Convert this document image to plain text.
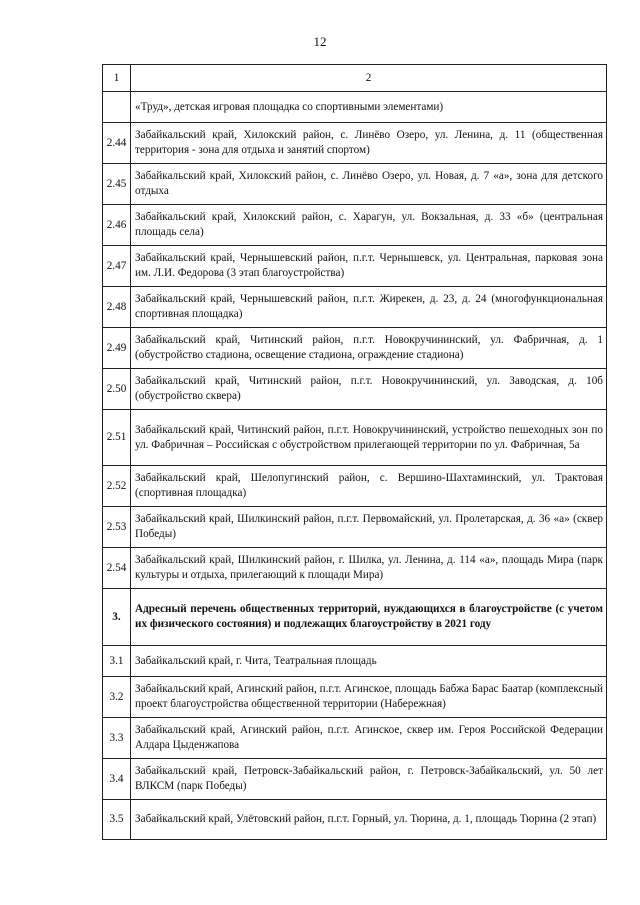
12
1	2
	«Труд», детская игровая площадка со спортивными элементами)
2.44	Забайкальский край, Хилокский район, с. Линёво Озеро, ул. Ленина, д. 11 (общественная территория - зона для отдыха и занятий спортом)
2.45	Забайкальский край, Хилокский район, с. Линёво Озеро, ул. Новая, д. 7 «а», зона для детского отдыха
2.46	Забайкальский край, Хилокский район, с. Харагун, ул. Вокзальная, д. 33 «б» (центральная площадь села)
2.47	Забайкальский край, Чернышевский район, п.г.т. Чернышевск, ул. Центральная, парковая зона им. Л.И. Федорова (3 этап благоустройства)
2.48	Забайкальский край, Чернышевский район, п.г.т. Жирекен, д. 23, д. 24 (многофункциональная спортивная площадка)
2.49	Забайкальский край, Читинский район, п.г.т. Новокручининский, ул. Фабричная, д. 1 (обустройство стадиона, освещение стадиона, ограждение стадиона)
2.50	Забайкальский край, Читинский район, п.г.т. Новокручининский, ул. Заводская, д. 10б (обустройство сквера)
2.51	Забайкальский край, Читинский район, п.г.т. Новокручининский, устройство пешеходных зон по ул. Фабричная – Российская с обустройством прилегающей территории по ул. Фабричная, 5а
2.52	Забайкальский край, Шелопугинский район, с. Вершино-Шахтаминский, ул. Трактовая (спортивная площадка)
2.53	Забайкальский край, Шилкинский район, п.г.т. Первомайский, ул. Пролетарская, д. 36 «а» (сквер Победы)
2.54	Забайкальский край, Шилкинский район, г. Шилка, ул. Ленина, д. 114 «а», площадь Мира (парк культуры и отдыха, прилегающий к площади Мира)
3.	Адресный перечень общественных территорий, нуждающихся в благоустройстве (с учетом их физического состояния) и подлежащих благоустройству в 2021 году
3.1	Забайкальский край, г. Чита, Театральная площадь
3.2	Забайкальский край, Агинский район, п.г.т. Агинское, площадь Бабжа Барас Баатар (комплексный проект благоустройства общественной территории (Набережная)
3.3	Забайкальский край, Агинский район, п.г.т. Агинское, сквер им. Героя Российской Федерации Алдара Цыденжапова
3.4	Забайкальский край, Петровск-Забайкальский район, г. Петровск-Забайкальский, ул. 50 лет ВЛКСМ (парк Победы)
3.5	Забайкальский край, Улётовский район, п.г.т. Горный, ул. Тюрина, д. 1, площадь Тюрина (2 этап)
